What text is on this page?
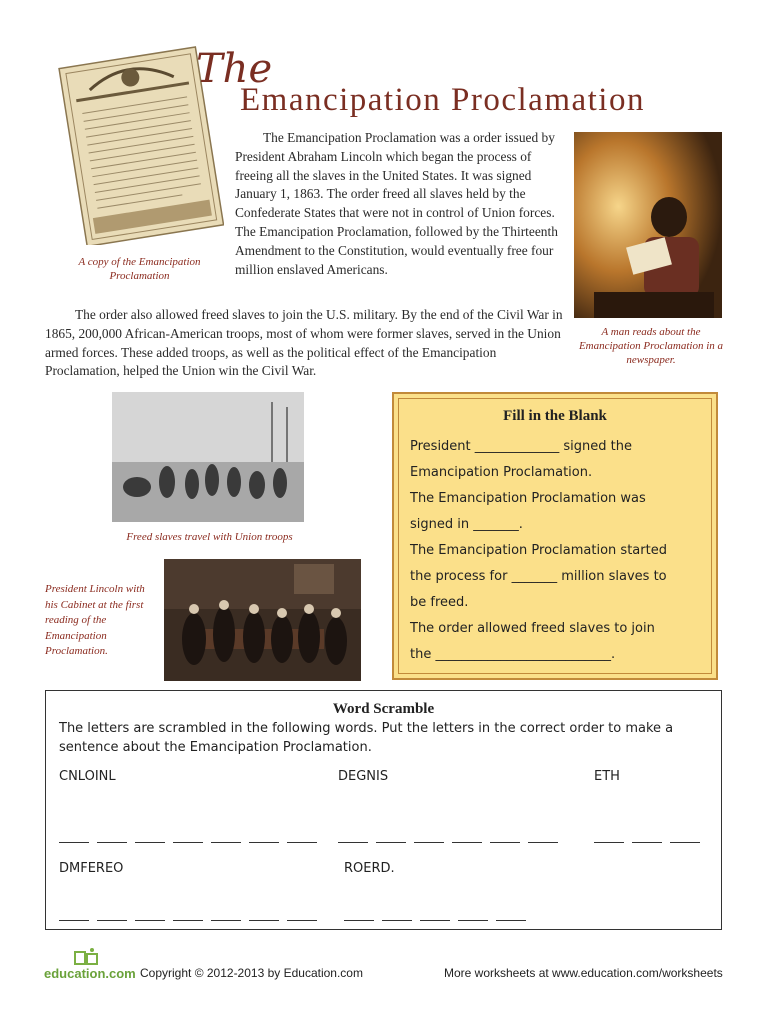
The
Emancipation Proclamation
The Emancipation Proclamation was a order issued by President Abraham Lincoln which began the process of freeing all the slaves in the United States. It was signed January 1, 1863. The order freed all slaves held by the Confederate States that were not in control of Union forces. The Emancipation Proclamation, followed by the Thirteenth Amendment to the Constitution, would eventually free four million enslaved Americans.
A copy of the Emancipation Proclamation
A man reads about the Emancipation Proclamation in a newspaper.
The order also allowed freed slaves to join the U.S. military. By the end of the Civil War in 1865, 200,000 African-American troops, most of whom were former slaves, served in the Union armed forces. These added troops, as well as the political effect of the Emancipation Proclamation, helped the Union win the Civil War.
Freed slaves travel with Union troops
President Lincoln with his Cabinet at the first reading of the Emancipation Proclamation.
Fill in the Blank
President _____________ signed the
Emancipation Proclamation.
The Emancipation Proclamation was
signed in _______.
The Emancipation Proclamation started
the process for _______ million slaves to
be freed.
The order allowed freed slaves to join
the ___________________________.
Word Scramble
The letters are scrambled in the following words. Put the letters in the correct order to make a sentence about the Emancipation Proclamation.
CNLOINL	DEGNIS	ETH
DMFEREO	ROERD.
education.com Copyright © 2012-2013 by Education.com	More worksheets at www.education.com/worksheets
